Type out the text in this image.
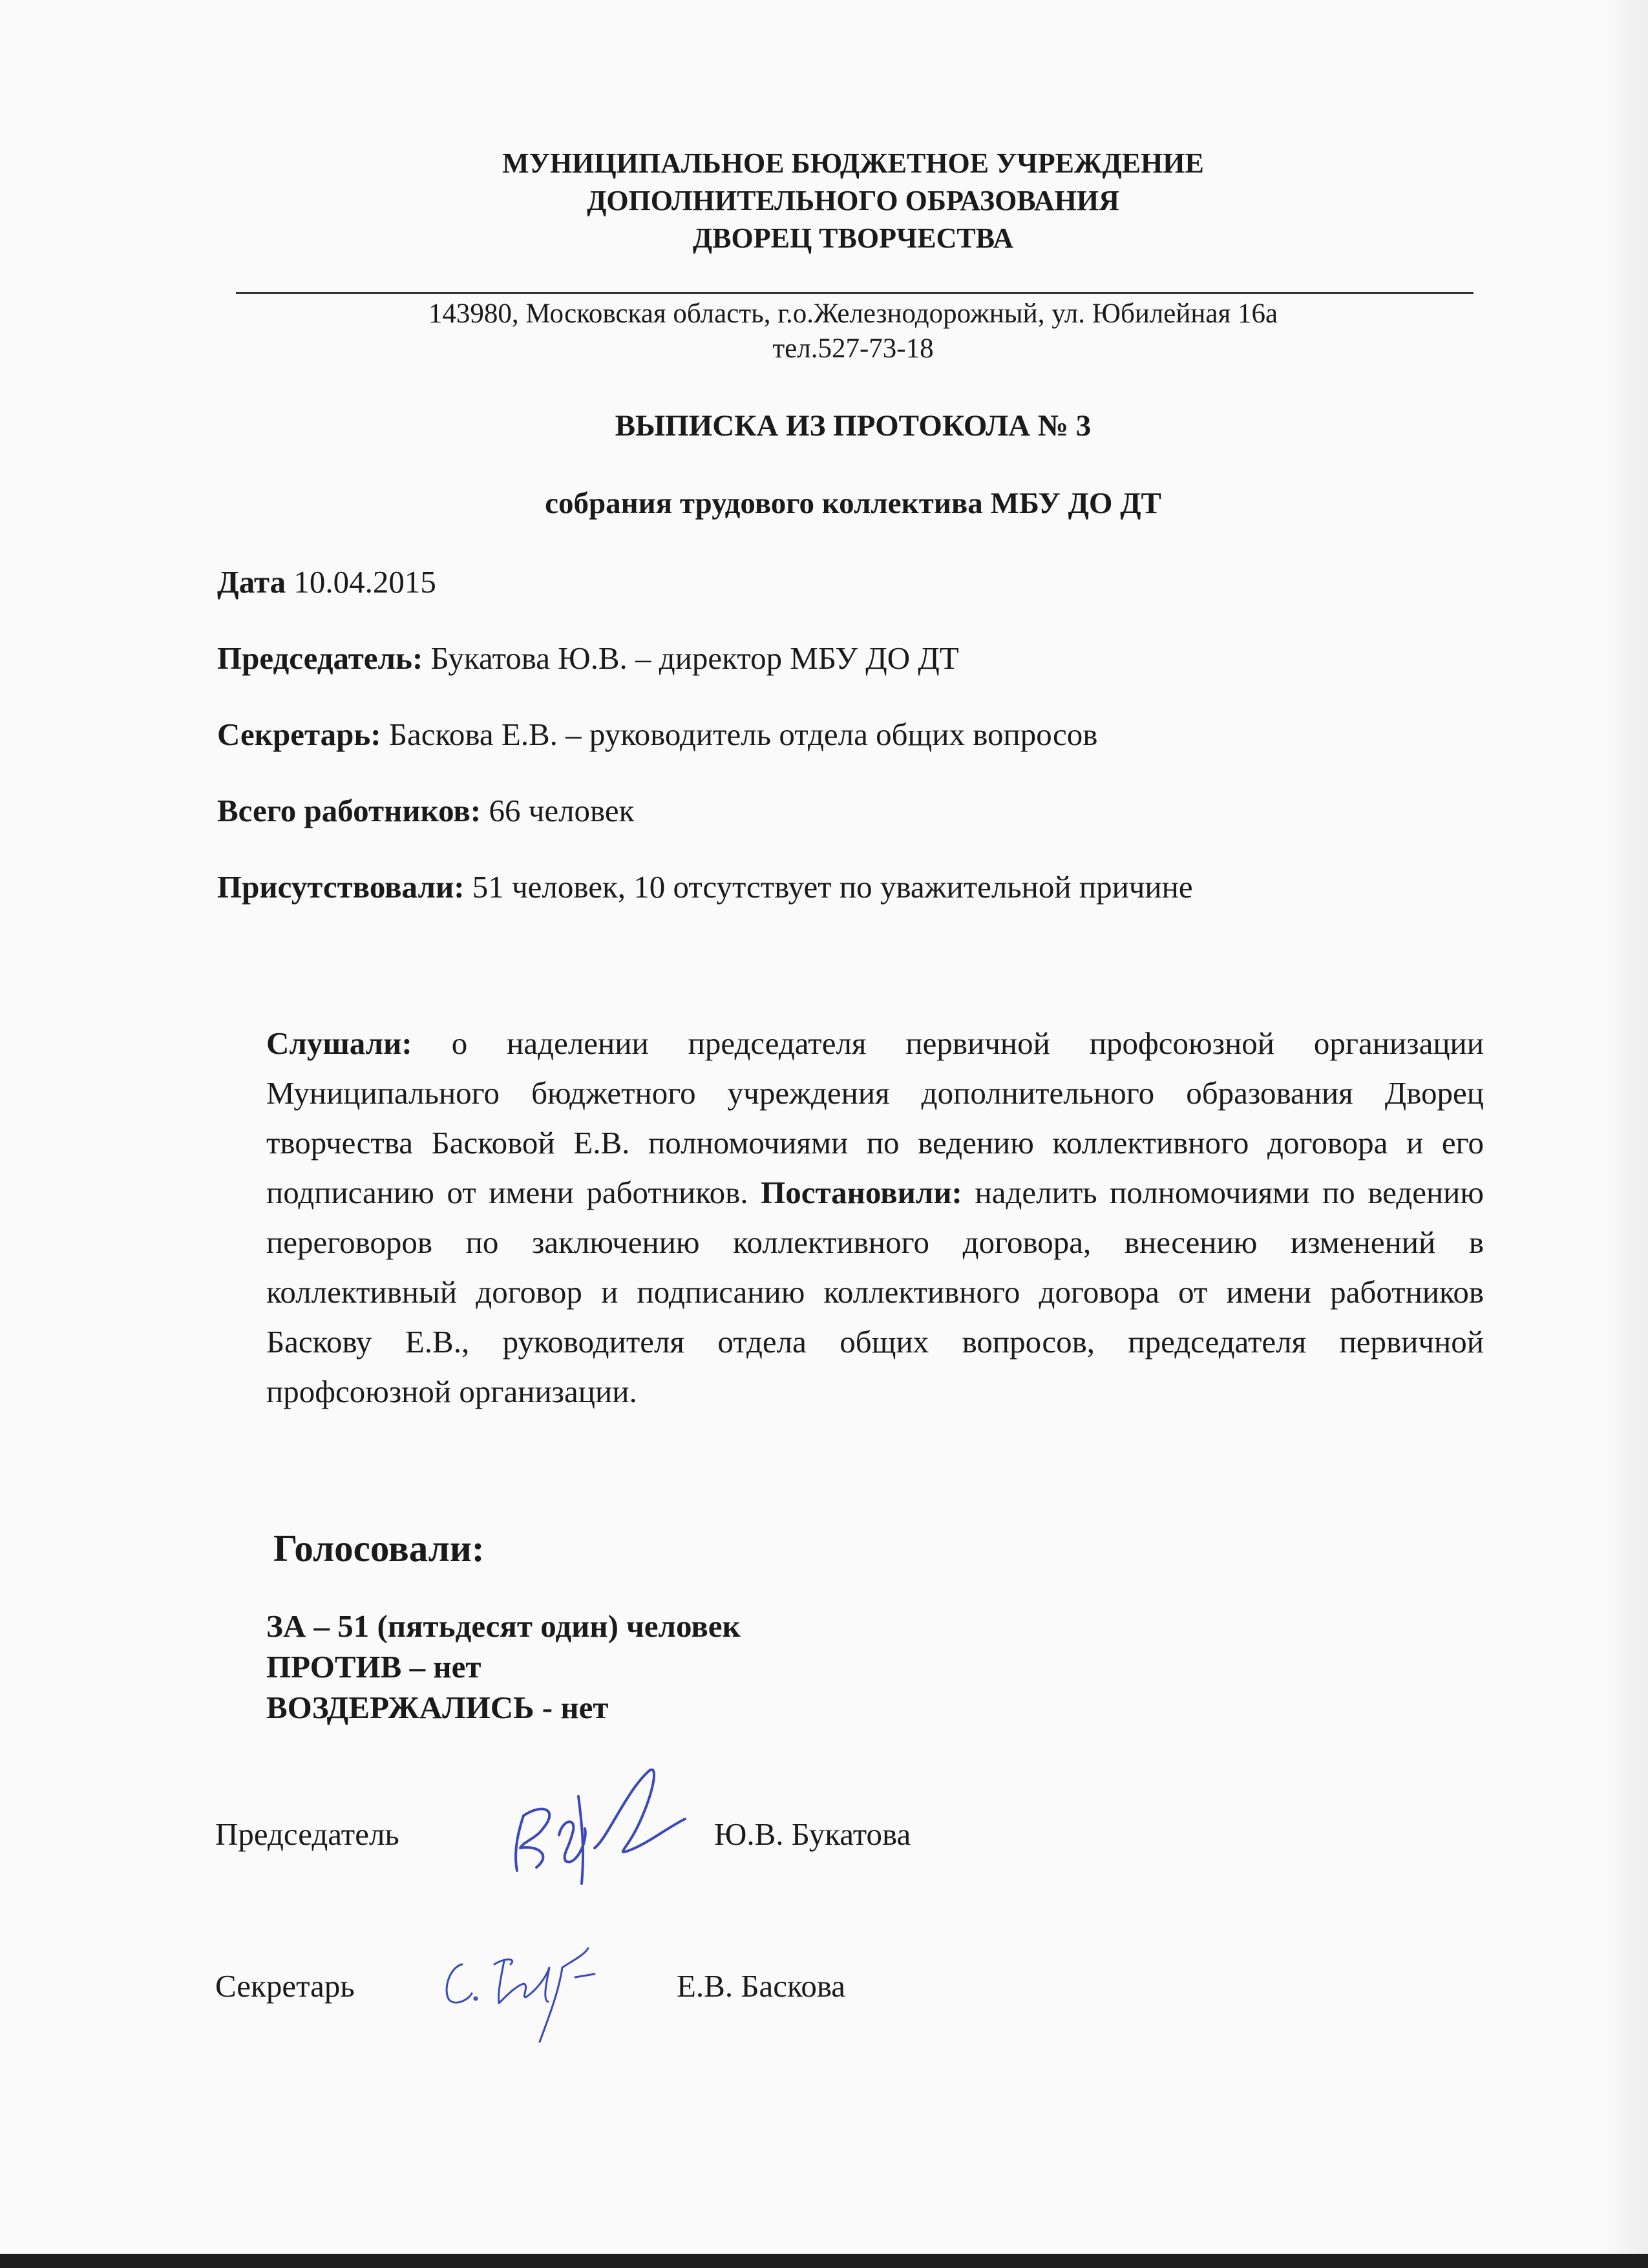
МУНИЦИПАЛЬНОЕ БЮДЖЕТНОЕ УЧРЕЖДЕНИЕ
ДОПОЛНИТЕЛЬНОГО ОБРАЗОВАНИЯ
ДВОРЕЦ ТВОРЧЕСТВА
143980, Московская область, г.о.Железнодорожный, ул. Юбилейная 16а
тел.527-73-18
ВЫПИСКА ИЗ ПРОТОКОЛА № 3
собрания трудового коллектива МБУ ДО ДТ
Дата 10.04.2015
Председатель: Букатова Ю.В. – директор МБУ ДО ДТ
Секретарь: Баскова Е.В. – руководитель отдела общих вопросов
Всего работников: 66 человек
Присутствовали: 51 человек, 10 отсутствует по уважительной причине
Слушали: о наделении председателя первичной профсоюзной организации Муниципального бюджетного учреждения дополнительного образования Дворец творчества Басковой Е.В. полномочиями по ведению коллективного договора и его подписанию от имени работников. Постановили: наделить полномочиями по ведению переговоров по заключению коллективного договора, внесению изменений в коллективный договор и подписанию коллективного договора от имени работников Баскову Е.В., руководителя отдела общих вопросов, председателя первичной профсоюзной организации.
Голосовали:
ЗА – 51 (пятьдесят один) человек
ПРОТИВ – нет
ВОЗДЕРЖАЛИСЬ - нет
Председатель	Ю.В. Букатова
Секретарь	Е.В. Баскова
